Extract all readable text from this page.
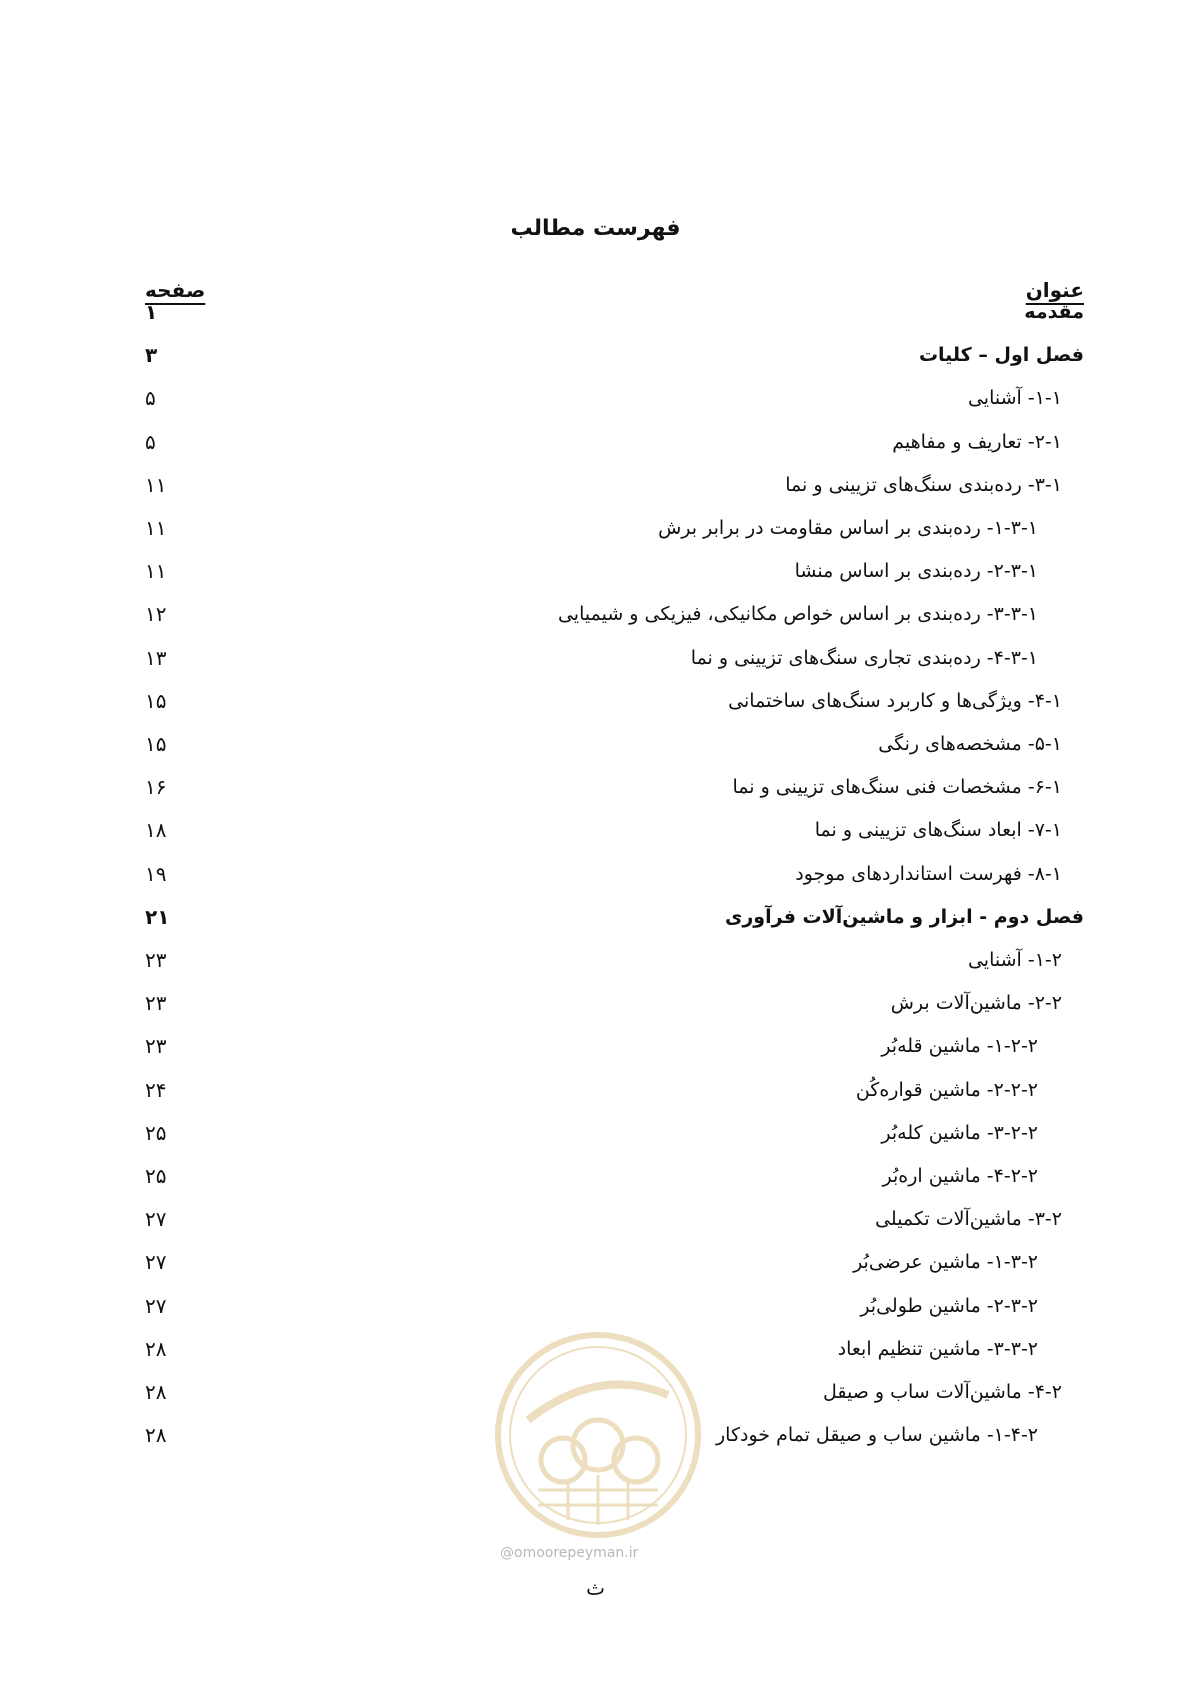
فهرست مطالب
عنوان
صفحه
مقدمه
۱
فصل اول – کلیات
۳
۱-۱- آشنایی
۵
۲-۱- تعاریف و مفاهیم
۵
۳-۱- رده‌بندی سنگ‌های تزیینی و نما
۱۱
۱-۳-۱- رده‌بندی بر اساس مقاومت در برابر برش
۱۱
۲-۳-۱- رده‌بندی بر اساس منشا
۱۱
۳-۳-۱- رده‌بندی بر اساس خواص مکانیکی، فیزیکی و شیمیایی
۱۲
۴-۳-۱- رده‌بندی تجاری سنگ‌های تزیینی و نما
۱۳
۴-۱- ویژگی‌ها و کاربرد سنگ‌های ساختمانی
۱۵
۵-۱- مشخصه‌های رنگی
۱۵
۶-۱- مشخصات فنی سنگ‌های تزیینی و نما
۱۶
۷-۱- ابعاد سنگ‌های تزیینی و نما
۱۸
۸-۱- فهرست استانداردهای موجود
۱۹
فصل دوم - ابزار و ماشین‌آلات فرآوری
۲۱
۱-۲- آشنایی
۲۳
۲-۲- ماشین‌آلات برش
۲۳
۱-۲-۲- ماشین قله‌بُر
۲۳
۲-۲-۲- ماشین قواره‌کُن
۲۴
۳-۲-۲- ماشین کله‌بُر
۲۵
۴-۲-۲- ماشین اره‌بُر
۲۵
۳-۲- ماشین‌آلات تکمیلی
۲۷
۱-۳-۲- ماشین عرضی‌بُر
۲۷
۲-۳-۲- ماشین طولی‌بُر
۲۷
۳-۳-۲- ماشین تنظیم ابعاد
۲۸
۴-۲- ماشین‌آلات ساب و صیقل
۲۸
۱-۴-۲- ماشین ساب و صیقل تمام خودکار
۲۸
@omoorepeyman.ir
ث
